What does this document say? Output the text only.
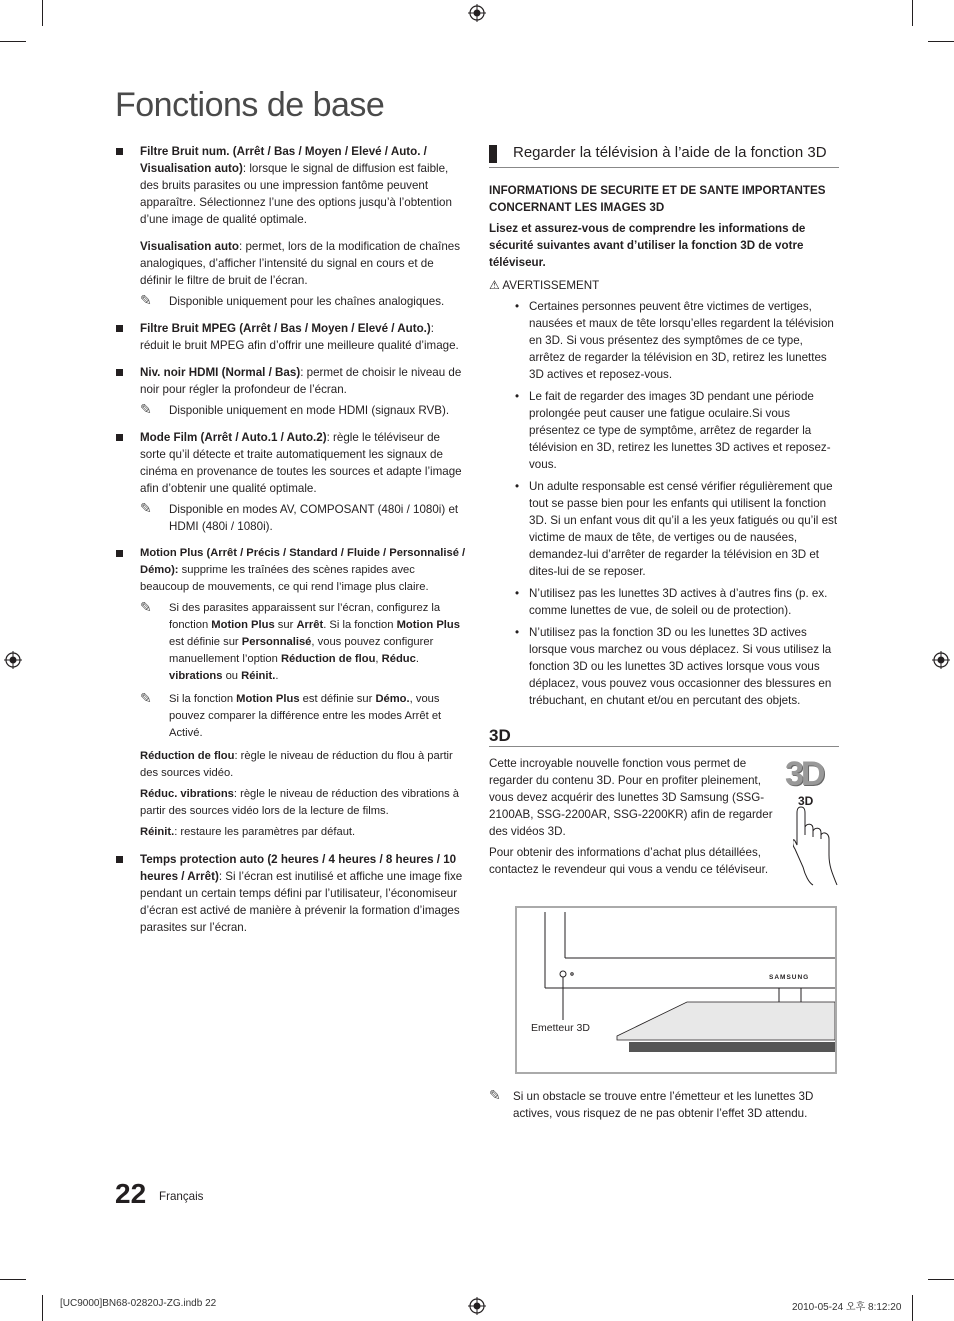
Fonctions de base
Filtre Bruit num. (Arrêt / Bas / Moyen / Elevé / Auto. / Visualisation auto): lorsque le signal de diffusion est faible, des bruits parasites ou une impression fantôme peuvent apparaître. Sélectionnez l’une des options jusqu’à l’obtention d’une image de qualité optimale.
Visualisation auto: permet, lors de la modification de chaînes analogiques, d’afficher l’intensité du signal en cours et de définir le filtre de bruit de l’écran.
✎ Disponible uniquement pour les chaînes analogiques.
Filtre Bruit MPEG (Arrêt / Bas / Moyen / Elevé / Auto.): réduit le bruit MPEG afin d’offrir une meilleure qualité d’image.
Niv. noir HDMI (Normal / Bas): permet de choisir le niveau de noir pour régler la profondeur de l’écran.
✎ Disponible uniquement en mode HDMI (signaux RVB).
Mode Film (Arrêt / Auto.1 / Auto.2): règle le téléviseur de sorte qu’il détecte et traite automatiquement les signaux de cinéma en provenance de toutes les sources et adapte l’image afin d’obtenir une qualité optimale.
✎ Disponible en modes AV, COMPOSANT (480i / 1080i) et HDMI (480i / 1080i).
Motion Plus (Arrêt / Précis / Standard / Fluide / Personnalisé / Démo): supprime les traînées des scènes rapides avec beaucoup de mouvements, ce qui rend l’image plus claire.
✎ Si des parasites apparaissent sur l’écran, configurez la fonction Motion Plus sur Arrêt. Si la fonction Motion Plus est définie sur Personnalisé, vous pouvez configurer manuellement l’option Réduction de flou, Réduc. vibrations ou Réinit..
✎ Si la fonction Motion Plus est définie sur Démo., vous pouvez comparer la différence entre les modes Arrêt et Activé.
Réduction de flou: règle le niveau de réduction du flou à partir des sources vidéo.
Réduc. vibrations: règle le niveau de réduction des vibrations à partir des sources vidéo lors de la lecture de films.
Réinit.: restaure les paramètres par défaut.
Temps protection auto (2 heures / 4 heures / 8 heures / 10 heures / Arrêt): Si l’écran est inutilisé et affiche une image fixe pendant un certain temps défini par l’utilisateur, l’économiseur d’écran est activé de manière à prévenir la formation d’images parasites sur l’écran.
Regarder la télévision à l’aide de la fonction 3D
INFORMATIONS DE SECURITE ET DE SANTE IMPORTANTES CONCERNANT LES IMAGES 3D
Lisez et assurez-vous de comprendre les informations de sécurité suivantes avant d’utiliser la fonction 3D de votre téléviseur.
⚠ AVERTISSEMENT
• Certaines personnes peuvent être victimes de vertiges, nausées et maux de tête lorsqu’elles regardent la télévision en 3D. Si vous présentez des symptômes de ce type, arrêtez de regarder la télévision en 3D, retirez les lunettes 3D actives et reposez-vous.
• Le fait de regarder des images 3D pendant une période prolongée peut causer une fatigue oculaire.Si vous présentez ce type de symptôme, arrêtez de regarder la télévision en 3D, retirez les lunettes 3D actives et reposez-vous.
• Un adulte responsable est censé vérifier régulièrement que tout se passe bien pour les enfants qui utilisent la fonction 3D. Si un enfant vous dit qu’il a les yeux fatigués ou qu’il est victime de maux de tête, de vertiges ou de nausées, demandez-lui d’arrêter de regarder la télévision en 3D et dites-lui de se reposer.
• N’utilisez pas les lunettes 3D actives à d’autres fins (p. ex. comme lunettes de vue, de soleil ou de protection).
• N’utilisez pas la fonction 3D ou les lunettes 3D actives lorsque vous marchez ou vous déplacez. Si vous utilisez la fonction 3D ou les lunettes 3D actives lorsque vous vous déplacez, vous pouvez vous occasionner des blessures en trébuchant, en chutant et/ou en percutant des objets.
3D
Cette incroyable nouvelle fonction vous permet de regarder du contenu 3D. Pour en profiter pleinement, vous devez acquérir des lunettes 3D Samsung (SSG-2100AB, SSG-2200AR, SSG-2200KR) afin de regarder des vidéos 3D.
Pour obtenir des informations d’achat plus détaillées, contactez le revendeur qui vous a vendu ce téléviseur.
3D
3D
SAMSUNG
Emetteur 3D
✎ Si un obstacle se trouve entre l’émetteur et les lunettes 3D actives, vous risquez de ne pas obtenir l’effet 3D attendu.
22 Français
[UC9000]BN68-02820J-ZG.indb 22	2010-05-24 오후 8:12:20
